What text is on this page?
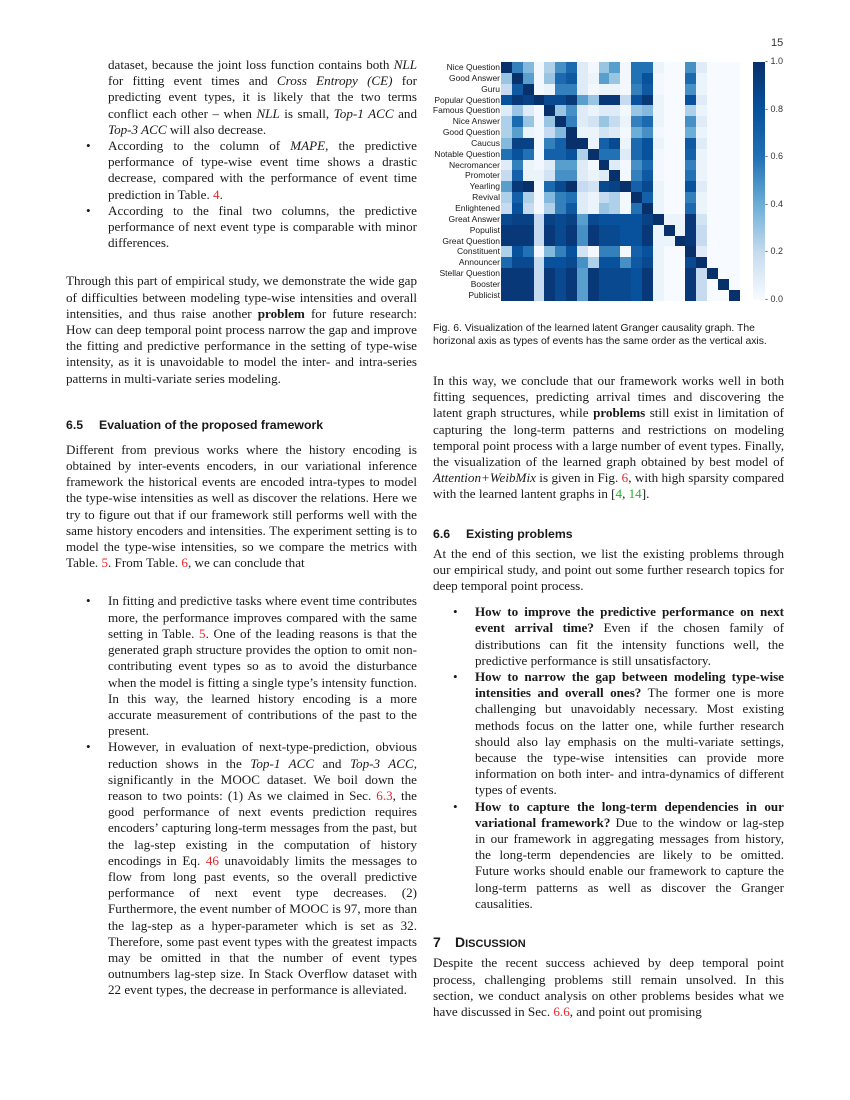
15

dataset, because the joint loss function contains both NLL for fitting event times and Cross Entropy (CE) for predicting event types, it is likely that the two terms conflict each other – when NLL is small, Top-1 ACC and Top-3 ACC will also decrease.

• According to the column of MAPE, the predictive performance of type-wise event time shows a drastic decrease, compared with the performance of event time prediction in Table. 4.
• According to the final two columns, the predictive performance of next event type is comparable with minor differences.

Through this part of empirical study, we demonstrate the wide gap of difficulties between modeling type-wise intensities and overall intensities, and thus raise another problem for future research: How can deep temporal point process narrow the gap and improve the fitting and predictive performance in the setting of type-wise intensity, as it is unavoidable to model the inter- and intra-series patterns in multi-variate series modeling.

6.5 Evaluation of the proposed framework

Different from previous works where the history encoding is obtained by inter-events encoders, in our variational inference framework the historical events are encoded intra-types to model the type-wise intensities as well as discover the relations. Here we try to figure out that if our framework still performs well with the same history encoders and intensities. The experiment setting is to model the type-wise intensities, so we compare the metrics with Table. 5. From Table. 6, we can conclude that

• In fitting and predictive tasks where event time contributes more, the performance improves compared with the same setting in Table. 5. One of the leading reasons is that the generated graph structure provides the option to omit non-contributing event types so as to avoid the disturbance when the model is fitting a single type’s intensity function. In this way, the learned history encoding is a more accurate measurement of contributions of the past to the present.
• However, in evaluation of next-type-prediction, obvious reduction shows in the Top-1 ACC and Top-3 ACC, significantly in the MOOC dataset. We boil down the reason to two points: (1) As we claimed in Sec. 6.3, the good performance of next events prediction requires encoders’ capturing long-term messages from the past, but the lag-step existing in the computation of history encodings in Eq. 46 unavoidably limits the messages to flow from long past events, so the overall predictive performance of next event type decreases. (2) Furthermore, the event number of MOOC is 97, more than the lag-step as a hyper-parameter which is set as 32. Therefore, some past event types with the greatest impacts may be omitted in that the number of event types outnumbers lag-step size. In Stack Overflow dataset with 22 event types, the decrease in performance is alleviated.
Nice Question
Good Answer
Guru
Popular Question
Famous Question
Nice Answer
Good Question
Caucus
Notable Question
Necromancer
Promoter
Yearling
Revival
Enlightened
Great Answer
Populist
Great Question
Constituent
Announcer
Stellar Question
Booster
Publicist	- 0.0
- 0.2
- 0.4
- 0.6
- 0.8
- 1.0
Fig. 6. Visualization of the learned latent Granger causality graph. The horizonal axis as types of events has the same order as the vertical axis.

In this way, we conclude that our framework works well in both fitting sequences, predicting arrival times and discovering the latent graph structures, while problems still exist in limitation of capturing the long-term patterns and restrictions on modeling temporal point process with a large number of event types. Finally, the visualization of the learned graph obtained by best model of Attention+WeibMix is given in Fig. 6, with high sparsity compared with the learned lantent graphs in [4, 14].

6.6 Existing problems

At the end of this section, we list the existing problems through our empirical study, and point out some further research topics for deep temporal point process.

• How to improve the predictive performance on next event arrival time? Even if the chosen family of distributions can fit the intensity functions well, the predictive performance is still unsatisfactory.
• How to narrow the gap between modeling type-wise intensities and overall ones? The former one is more challenging but unavoidably necessary. Most existing methods focus on the latter one, while further research should also lay emphasis on the multi-variate settings, because the type-wise intensities can provide more information on both inter- and intra-dynamics of different types of events.
• How to capture the long-term dependencies in our variational framework? Due to the window or lag-step in our framework in aggregating messages from history, the long-term dependencies are likely to be omitted. Future works should enable our framework to capture the long-term patterns as well as discover the Granger causalities.
7 DISCUSSION

Despite the recent success achieved by deep temporal point process, challenging problems still remain unsolved. In this section, we conduct analysis on other problems besides what we have discussed in Sec. 6.6, and point out promising
